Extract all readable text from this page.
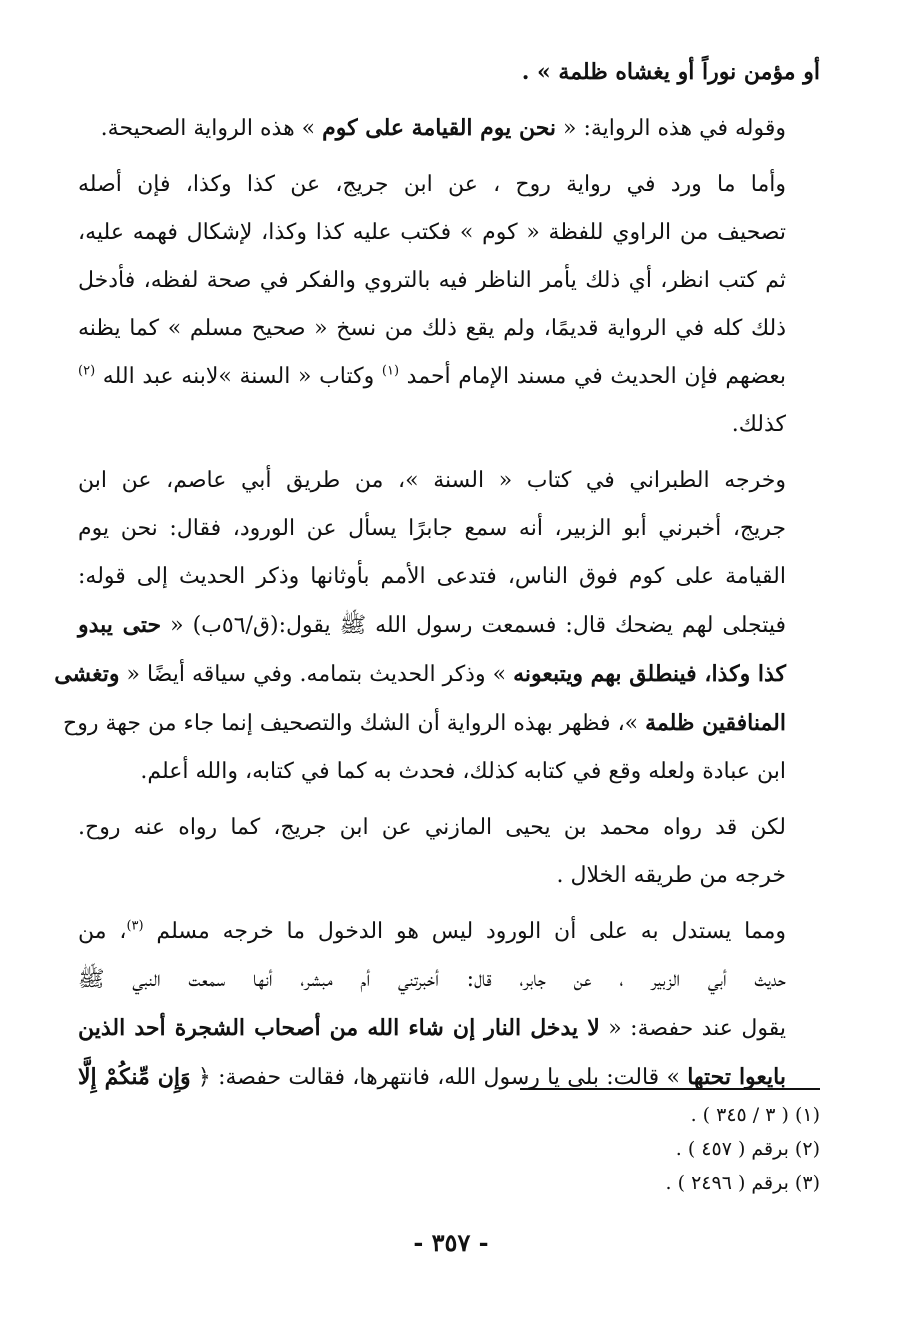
أو مؤمن نوراً أو يغشاه ظلمة » .

وقوله في هذه الرواية: « نحن يوم القيامة على كوم » هذه الرواية الصحيحة.

وأما ما ورد في رواية روح ، عن ابن جريج، عن كذا وكذا، فإن أصله
تصحيف من الراوي للفظة « كوم » فكتب عليه كذا وكذا، لإشكال فهمه عليه،
ثم كتب انظر، أي ذلك يأمر الناظر فيه بالتروي والفكر في صحة لفظه، فأدخل
ذلك كله في الرواية قديمًا، ولم يقع ذلك من نسخ « صحيح مسلم » كما يظنه
بعضهم فإن الحديث في مسند الإمام أحمد $^{(١)}$ وكتاب « السنة »لابنه عبد الله $^{(٢)}$
كذلك.

وخرجه الطبراني في كتاب « السنة »، من طريق أبي عاصم، عن ابن
جريج، أخبرني أبو الزبير، أنه سمع جابرًا يسأل عن الورود، فقال: نحن يوم
القيامة على كوم فوق الناس، فتدعى الأمم بأوثانها وذكر الحديث إلى قوله:
فيتجلى لهم يضحك قال: فسمعت رسول الله ﷺ يقول:(ق/٥٦ب) « حتى يبدو
كذا وكذا، فينطلق بهم ويتبعونه » وذكر الحديث بتمامه. وفي سياقه أيضًا « وتغشى
المنافقين ظلمة »، فظهر بهذه الرواية أن الشك والتصحيف إنما جاء من جهة روح
ابن عبادة ولعله وقع في كتابه كذلك، فحدث به كما في كتابه، والله أعلم.

لكن قد رواه محمد بن يحيى المازني عن ابن جريج، كما رواه عنه روح.
خرجه من طريقه الخلال .

ومما يستدل به على أن الورود ليس هو الدخول ما خرجه مسلم $^{(٣)}$، من
حديث أبي الزبير ، عن جابر، قال: أخبرتني أم مبشر، أنها سمعت النبي ﷺ
يقول عند حفصة: « لا يدخل النار إن شاء الله من أصحاب الشجرة أحد الذين
بايعوا تحتها » قالت: بلى يا رسول الله، فانتهرها، فقالت حفصة: ﴿ وَإِن مِّنكُمْ إِلَّا

(١) ( ٣ / ٣٤٥ ) .
(٢) برقم ( ٤٥٧ ) .
(٣) برقم ( ٢٤٩٦ ) .
- ٣٥٧ -
